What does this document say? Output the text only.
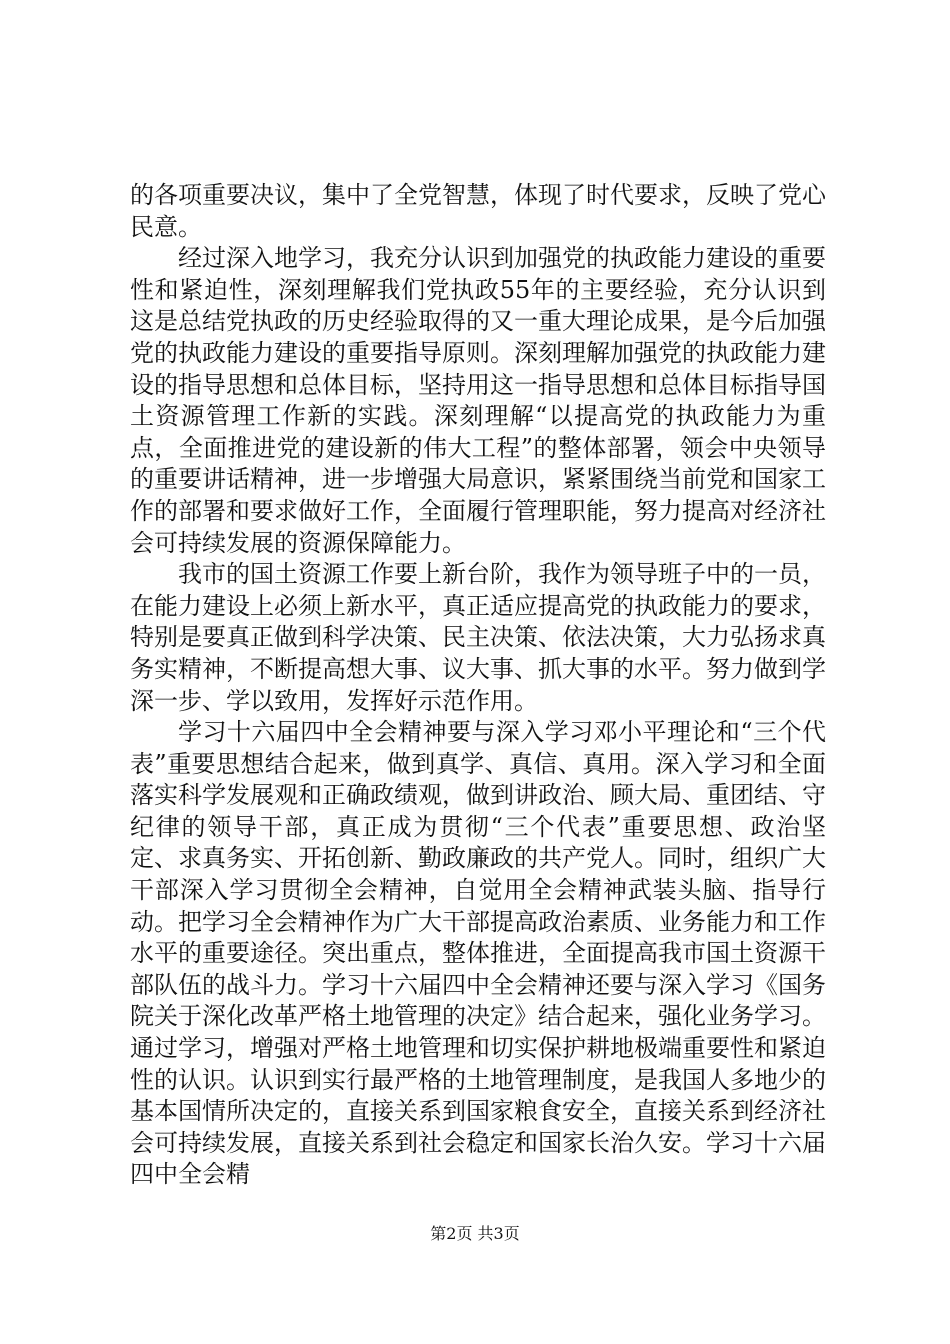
的各项重要决议，集中了全党智慧，体现了时代要求，反映了党心民意。

经过深入地学习，我充分认识到加强党的执政能力建设的重要性和紧迫性，深刻理解我们党执政55年的主要经验，充分认识到这是总结党执政的历史经验取得的又一重大理论成果，是今后加强党的执政能力建设的重要指导原则。深刻理解加强党的执政能力建设的指导思想和总体目标，坚持用这一指导思想和总体目标指导国土资源管理工作新的实践。深刻理解“以提高党的执政能力为重点，全面推进党的建设新的伟大工程”的整体部署，领会中央领导的重要讲话精神，进一步增强大局意识，紧紧围绕当前党和国家工作的部署和要求做好工作，全面履行管理职能，努力提高对经济社会可持续发展的资源保障能力。

我市的国土资源工作要上新台阶，我作为领导班子中的一员，在能力建设上必须上新水平，真正适应提高党的执政能力的要求，特别是要真正做到科学决策、民主决策、依法决策，大力弘扬求真务实精神，不断提高想大事、议大事、抓大事的水平。努力做到学深一步、学以致用，发挥好示范作用。

学习十六届四中全会精神要与深入学习邓小平理论和“三个代表”重要思想结合起来，做到真学、真信、真用。深入学习和全面落实科学发展观和正确政绩观，做到讲政治、顾大局、重团结、守纪律的领导干部，真正成为贯彻“三个代表”重要思想、政治坚定、求真务实、开拓创新、勤政廉政的共产党人。同时，组织广大干部深入学习贯彻全会精神，自觉用全会精神武装头脑、指导行动。把学习全会精神作为广大干部提高政治素质、业务能力和工作水平的重要途径。突出重点，整体推进，全面提高我市国土资源干部队伍的战斗力。学习十六届四中全会精神还要与深入学习《国务院关于深化改革严格土地管理的决定》结合起来，强化业务学习。通过学习，增强对严格土地管理和切实保护耕地极端重要性和紧迫性的认识。认识到实行最严格的土地管理制度，是我国人多地少的基本国情所决定的，直接关系到国家粮食安全，直接关系到经济社会可持续发展，直接关系到社会稳定和国家长治久安。学习十六届四中全会精

第2页 共3页
